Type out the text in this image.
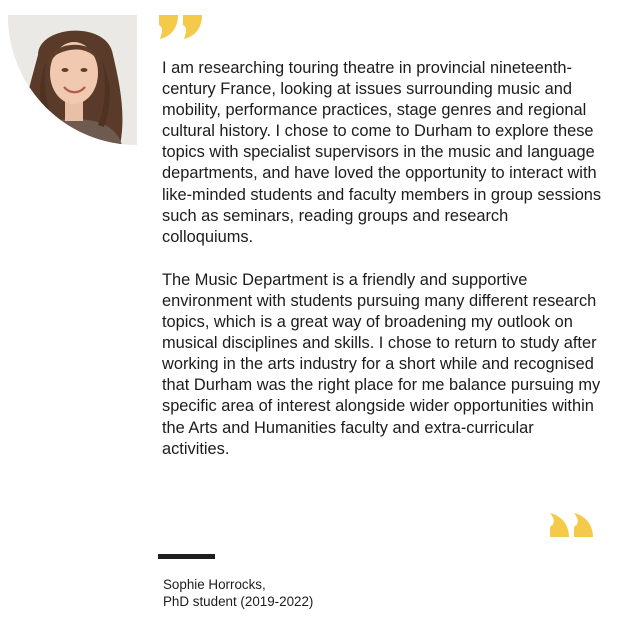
I am researching touring theatre in provincial nineteenth-century France, looking at issues surrounding music and mobility, performance practices, stage genres and regional cultural history. I chose to come to Durham to explore these topics with specialist supervisors in the music and language departments, and have loved the opportunity to interact with like-minded students and faculty members in group sessions such as seminars, reading groups and research colloquiums.

The Music Department is a friendly and supportive environment with students pursuing many different research topics, which is a great way of broadening my outlook on musical disciplines and skills. I chose to return to study after working in the arts industry for a short while and recognised that Durham was the right place for me balance pursuing my specific area of interest alongside wider opportunities within the Arts and Humanities faculty and extra-curricular activities.

Sophie Horrocks,
PhD student (2019-2022)
